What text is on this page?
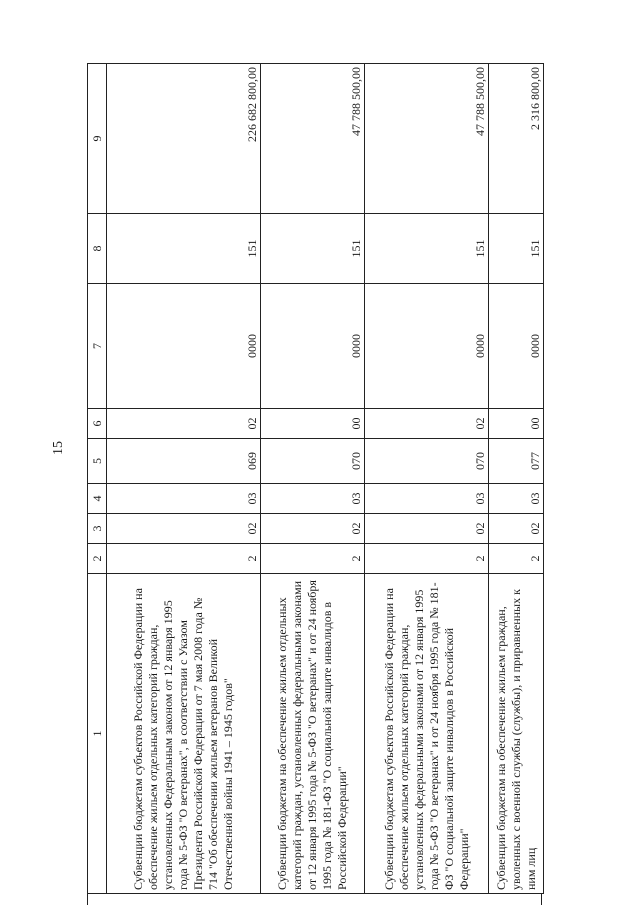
15
1	2	3	4	5	6	7	8	9
Субвенции бюджетам субъектов Российской Федерации на обеспечение жильем отдельных категорий граждан, установленных Федеральным законом от 12 января 1995 года № 5-ФЗ "О ветеранах", в соответствии с Указом Президента Российской Федерации от 7 мая 2008 года № 714 "Об обеспечении жильем ветеранов Великой Отечественной войны 1941 – 1945 годов"	2	02	03	069	02	0000	151	226 682 800,00
Субвенции бюджетам на обеспечение жильем отдельных категорий граждан, установленных федеральными законами от 12 января 1995 года № 5-ФЗ "О ветеранах" и от 24 ноября 1995 года № 181-ФЗ "О социальной защите инвалидов в Российской Федерации"	2	02	03	070	00	0000	151	47 788 500,00
Субвенции бюджетам субъектов Российской Федерации на обеспечение жильем отдельных категорий граждан, установленных федеральными законами от 12 января 1995 года № 5-ФЗ "О ветеранах" и от 24 ноября 1995 года № 181-ФЗ "О социальной защите инвалидов в Российской Федерации"	2	02	03	070	02	0000	151	47 788 500,00
Субвенции бюджетам на обеспечение жильем граждан, уволенных с военной службы (службы), и приравненных к ним лиц	2	02	03	077	00	0000	151	2 316 800,00
